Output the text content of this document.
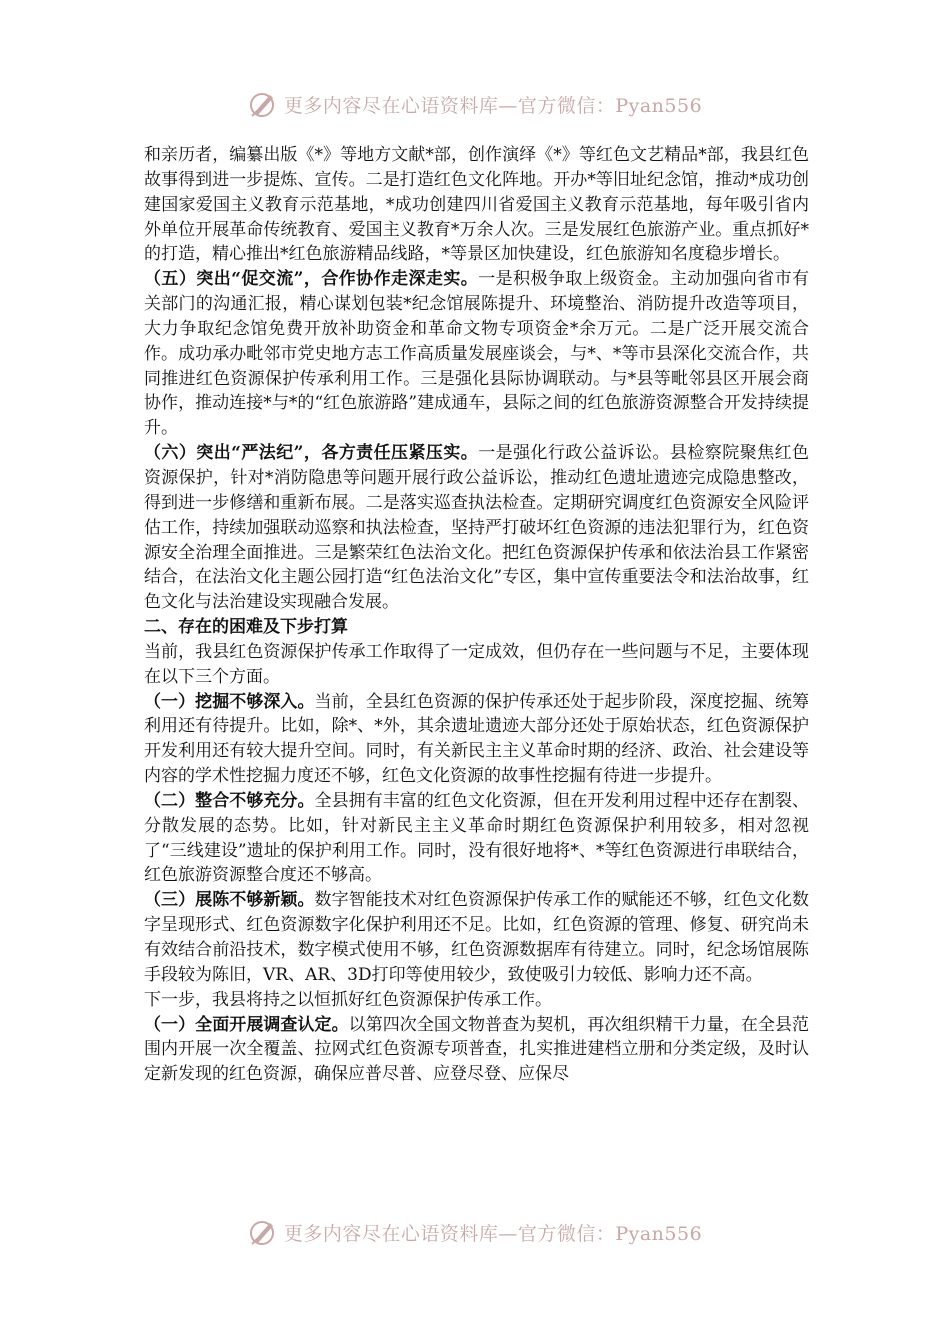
更多内容尽在心语资料库—官方微信：Pyan556

和亲历者，编纂出版《*》等地方文献*部，创作演绎《*》等红色文艺精品*部，我县红色故事得到进一步提炼、宣传。二是打造红色文化阵地。开办*等旧址纪念馆，推动*成功创建国家爱国主义教育示范基地，*成功创建四川省爱国主义教育示范基地，每年吸引省内外单位开展革命传统教育、爱国主义教育*万余人次。三是发展红色旅游产业。重点抓好*的打造，精心推出*红色旅游精品线路，*等景区加快建设，红色旅游知名度稳步增长。

（五）突出“促交流”，合作协作走深走实。一是积极争取上级资金。主动加强向省市有关部门的沟通汇报，精心谋划包装*纪念馆展陈提升、环境整治、消防提升改造等项目，大力争取纪念馆免费开放补助资金和革命文物专项资金*余万元。二是广泛开展交流合作。成功承办毗邻市党史地方志工作高质量发展座谈会，与*、*等市县深化交流合作，共同推进红色资源保护传承利用工作。三是强化县际协调联动。与*县等毗邻县区开展会商协作，推动连接*与*的“红色旅游路”建成通车，县际之间的红色旅游资源整合开发持续提升。

（六）突出“严法纪”，各方责任压紧压实。一是强化行政公益诉讼。县检察院聚焦红色资源保护，针对*消防隐患等问题开展行政公益诉讼，推动红色遗址遗迹完成隐患整改，得到进一步修缮和重新布展。二是落实巡查执法检查。定期研究调度红色资源安全风险评估工作，持续加强联动巡察和执法检查，坚持严打破坏红色资源的违法犯罪行为，红色资源安全治理全面推进。三是繁荣红色法治文化。把红色资源保护传承和依法治县工作紧密结合，在法治文化主题公园打造“红色法治文化”专区，集中宣传重要法令和法治故事，红色文化与法治建设实现融合发展。

二、存在的困难及下步打算

当前，我县红色资源保护传承工作取得了一定成效，但仍存在一些问题与不足，主要体现在以下三个方面。

（一）挖掘不够深入。当前，全县红色资源的保护传承还处于起步阶段，深度挖掘、统筹利用还有待提升。比如，除*、*外，其余遗址遗迹大部分还处于原始状态，红色资源保护开发利用还有较大提升空间。同时，有关新民主主义革命时期的经济、政治、社会建设等内容的学术性挖掘力度还不够，红色文化资源的故事性挖掘有待进一步提升。

（二）整合不够充分。全县拥有丰富的红色文化资源，但在开发利用过程中还存在割裂、分散发展的态势。比如，针对新民主主义革命时期红色资源保护利用较多，相对忽视了“三线建设”遗址的保护利用工作。同时，没有很好地将*、*等红色资源进行串联结合，红色旅游资源整合度还不够高。

（三）展陈不够新颖。数字智能技术对红色资源保护传承工作的赋能还不够，红色文化数字呈现形式、红色资源数字化保护利用还不足。比如，红色资源的管理、修复、研究尚未有效结合前沿技术，数字模式使用不够，红色资源数据库有待建立。同时，纪念场馆展陈手段较为陈旧，VR、AR、3D打印等使用较少，致使吸引力较低、影响力还不高。

下一步，我县将持之以恒抓好红色资源保护传承工作。

（一）全面开展调查认定。以第四次全国文物普查为契机，再次组织精干力量，在全县范围内开展一次全覆盖、拉网式红色资源专项普查，扎实推进建档立册和分类定级，及时认定新发现的红色资源，确保应普尽普、应登尽登、应保尽

更多内容尽在心语资料库—官方微信：Pyan556
